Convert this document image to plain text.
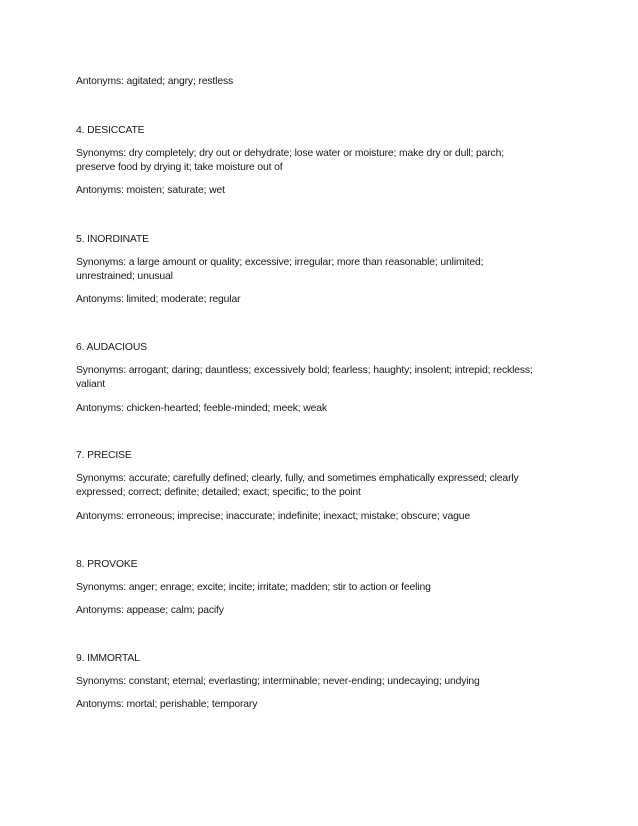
Antonyms: agitated; angry; restless

4. DESICCATE

Synonyms: dry completely; dry out or dehydrate; lose water or moisture; make dry or dull; parch;

preserve food by drying it; take moisture out of

Antonyms: moisten; saturate; wet

5. INORDINATE

Synonyms: a large amount or quality; excessive; irregular; more than reasonable; unlimited;

unrestrained; unusual

Antonyms: limited; moderate; regular

6. AUDACIOUS

Synonyms: arrogant; daring; dauntless; excessively bold; fearless; haughty; insolent; intrepid; reckless;

valiant

Antonyms: chicken-hearted; feeble-minded; meek; weak

7. PRECISE

Synonyms: accurate; carefully defined; clearly, fully, and sometimes emphatically expressed; clearly

expressed; correct; definite; detailed; exact; specific; to the point

Antonyms: erroneous; imprecise; inaccurate; indefinite; inexact; mistake; obscure; vague

8. PROVOKE

Synonyms: anger; enrage; excite; incite; irritate; madden; stir to action or feeling

Antonyms: appease; calm; pacify

9. IMMORTAL

Synonyms: constant; eternal; everlasting; interminable; never-ending; undecaying; undying

Antonyms: mortal; perishable; temporary
